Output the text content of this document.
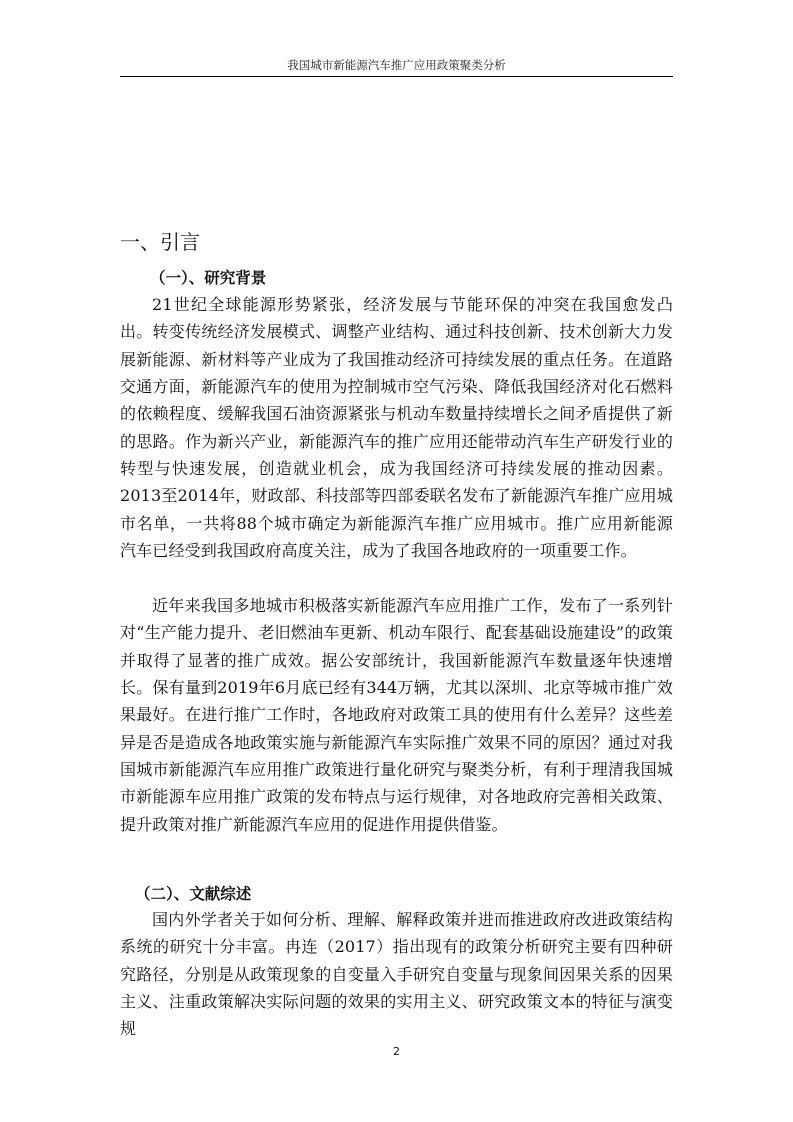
我国城市新能源汽车推广应用政策聚类分析
一、引言
（一）、研究背景

21世纪全球能源形势紧张，经济发展与节能环保的冲突在我国愈发凸出。转变传统经济发展模式、调整产业结构、通过科技创新、技术创新大力发展新能源、新材料等产业成为了我国推动经济可持续发展的重点任务。在道路交通方面，新能源汽车的使用为控制城市空气污染、降低我国经济对化石燃料的依赖程度、缓解我国石油资源紧张与机动车数量持续增长之间矛盾提供了新的思路。作为新兴产业，新能源汽车的推广应用还能带动汽车生产研发行业的转型与快速发展，创造就业机会，成为我国经济可持续发展的推动因素。2013至2014年，财政部、科技部等四部委联名发布了新能源汽车推广应用城市名单，一共将88个城市确定为新能源汽车推广应用城市。推广应用新能源汽车已经受到我国政府高度关注，成为了我国各地政府的一项重要工作。

近年来我国多地城市积极落实新能源汽车应用推广工作，发布了一系列针对“生产能力提升、老旧燃油车更新、机动车限行、配套基础设施建设”的政策并取得了显著的推广成效。据公安部统计，我国新能源汽车数量逐年快速增长。保有量到2019年6月底已经有344万辆，尤其以深圳、北京等城市推广效果最好。在进行推广工作时，各地政府对政策工具的使用有什么差异？这些差异是否是造成各地政策实施与新能源汽车实际推广效果不同的原因？通过对我国城市新能源汽车应用推广政策进行量化研究与聚类分析，有利于理清我国城市新能源车应用推广政策的发布特点与运行规律，对各地政府完善相关政策、提升政策对推广新能源汽车应用的促进作用提供借鉴。

（二）、文献综述

国内外学者关于如何分析、理解、解释政策并进而推进政府改进政策结构系统的研究十分丰富。冉连（2017）指出现有的政策分析研究主要有四种研究路径，分别是从政策现象的自变量入手研究自变量与现象间因果关系的因果主义、注重政策解决实际问题的效果的实用主义、研究政策文本的特征与演变规

2
